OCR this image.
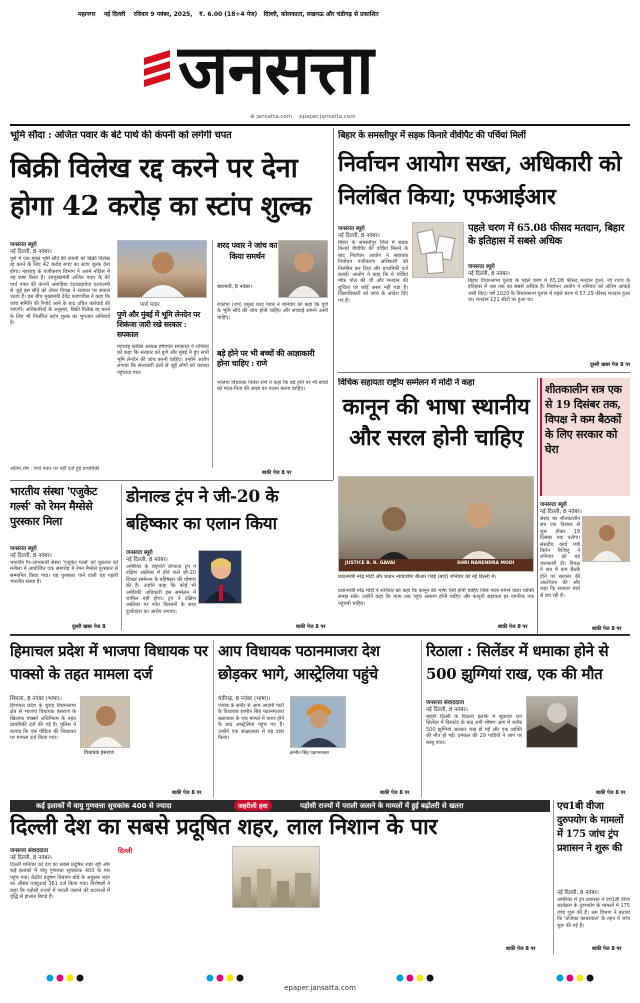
महानगर नई दिल्ली रविवार 9 नवंबर, 2025, ₹. 6.00 (18+4 पेज) दिल्ली, कोलकाता, लखनऊ और चंडीगढ़ से प्रकाशित
जनसत्ता
⊕ jansatta.com epaper.jansatta.com
भूमि सौदा : अजित पवार के बेटे पार्थ की कंपनी को लगेगी चपत
बिक्री विलेख रद्द करने पर देना होगा 42 करोड़ का स्टांप शुल्क
जनसत्ता ब्यूरो
नई दिल्ली, 8 नवंबर।
पुणे में एक मुख्य भूमि सौदे की कंपनी को बिक्री विलेख रद्द करने के लिए 42 करोड़ रुपए का स्टांप शुल्क देना होगा। महाराष्ट्र के पंजीकरण विभाग ने अपने नोटिस में यह स्पष्ट किया है। उपमुख्यमंत्री अजित पवार के बेटे पार्थ पवार की कंपनी अमाडिया एंटरप्राइजेज एलएलपी से जुड़े इस सौदे को लेकर विपक्ष ने सरकार पर सवाल उठाए हैं। इस बीच मुख्यमंत्री देवेंद्र फडणवीस ने कहा कि जांच समिति की रिपोर्ट आने के बाद उचित कार्रवाई की जाएगी। अधिकारियों के अनुसार, बिक्री विलेख रद्द करने के लिए भी निर्धारित स्टांप शुल्क का भुगतान अनिवार्य है।
पार्थ पवार
पुणे और मुंबई में भूमि लेनदेन पर शिकंजा जारी रखे सरकार : सपकाल
महाराष्ट्र कांग्रेस अध्यक्ष हर्षवर्धन सपकाल ने शनिवार को कहा कि सरकार को पुणे और मुंबई में हुए सभी भूमि लेनदेन की जांच करनी चाहिए। उन्होंने आरोप लगाया कि सत्ताधारी दलों से जुड़े लोगों को फायदा पहुंचाया गया।
शरद पवार ने जांच का किया समर्थन
बारामती, 8 नवंबर।
राकांपा (शप) प्रमुख शरद पवार ने शनिवार को कहा कि पुणे के भूमि सौदे की जांच होनी चाहिए और सच्चाई सामने आनी चाहिए।
बड़े होने पर भी बच्चों की आज्ञाकारी होना चाहिए : राणे
भाजपा विधायक नितेश राणे ने कहा कि बड़े होने पर भी बच्चों को माता-पिता की आज्ञा का पालन करना चाहिए।
बाकी पेज 8 पर
अंतिम शेष : पार्थ पवार पर नहीं दर्ज हुई प्राथमिकी
बिहार के समस्तीपुर में सड़क किनारे वीवीपैट की पर्चियां मिलीं
निर्वाचन आयोग सख्त, अधिकारी को निलंबित किया; एफआईआर
जनसत्ता ब्यूरो
नई दिल्ली, 8 नवंबर।
बिहार के समस्तीपुर जिले में सड़क किनारे वीवीपैट की पर्चियां मिलने के बाद निर्वाचन आयोग ने सहायक निर्वाचन पंजीकरण अधिकारी को निलंबित कर दिया और प्राथमिकी दर्ज कराई। आयोग ने कहा कि ये पर्चियां मॉक पोल की थीं और मतदान की शुचिता पर कोई असर नहीं पड़ा है। जिलाधिकारी को जांच के आदेश दिए गए हैं।
पहले चरण में 65.08 फीसद मतदान, बिहार के इतिहास में सबसे अधिक
जनसत्ता ब्यूरो
नई दिल्ली, 8 नवंबर।
बिहार विधानसभा चुनाव के पहले चरण में 65.08 फीसद मतदान हुआ, जो राज्य के इतिहास में अब तक का सबसे अधिक है। निर्वाचन आयोग ने शनिवार को अंतिम आंकड़े जारी किए। वर्ष 2020 के विधानसभा चुनाव में पहले चरण में 57.29 फीसद मतदान हुआ था। मतदान 121 सीटों पर हुआ था।
दूसरी खबर पेज 8 पर
विधिक सहायता राष्ट्रीय सम्मेलन में मोदी ने कहा
कानून की भाषा स्थानीय और सरल होनी चाहिए
JUSTICE B. R. GAVAI	SHRI NARENDRA MODI
प्रधानमंत्री नरेंद्र मोदी और प्रधान न्यायाधीश बीआर गवई (बाएं) शनिवार को नई दिल्ली में।
प्रधानमंत्री नरेंद्र मोदी ने शनिवार को कहा कि कानून की भाषा ऐसी होनी चाहिए जिसे न्याय मांगने वाला व्यक्ति समझ सके। उन्होंने कहा कि न्याय तक पहुंच आसान होनी चाहिए और कानूनी सहायता हर नागरिक तक पहुंचनी चाहिए।
बाकी पेज 8 पर
शीतकालीन सत्र एक से 19 दिसंबर तक, विपक्ष ने कम बैठकों के लिए सरकार को घेरा
जनसत्ता ब्यूरो
नई दिल्ली, 8 नवंबर।
संसद का शीतकालीन सत्र एक दिसंबर से शुरू होकर 19 दिसंबर तक चलेगा। संसदीय कार्य मंत्री किरेन रिजिजू ने शनिवार को यह जानकारी दी। विपक्ष ने सत्र में कम बैठकें होने पर सरकार की आलोचना की और कहा कि सरकार चर्चा से बच रही है।
बाकी पेज 8 पर
भारतीय संस्था 'एजुकेट गर्ल्स' को रेमन मैग्सेसे पुरस्कार मिला
जनसत्ता ब्यूरो
नई दिल्ली, 8 नवंबर।
भारतीय गैर-लाभकारी संस्था 'एजुकेट गर्ल्स' को शुक्रवार को मनीला में आयोजित एक समारोह में रेमन मैग्सेसे पुरस्कार से सम्मानित किया गया। यह पुरस्कार पाने वाली यह पहली भारतीय संस्था है।
दूसरी खबर पेज 8
डोनाल्ड ट्रंप ने जी-20 के बहिष्कार का एलान किया
जनसत्ता ब्यूरो
नई दिल्ली, 8 नवंबर।
अमेरिका के राष्ट्रपति डोनाल्ड ट्रंप ने दक्षिण अफ्रीका में होने वाले जी-20 शिखर सम्मेलन के बहिष्कार की घोषणा की है। उन्होंने कहा कि कोई भी अमेरिकी अधिकारी इस सम्मेलन में शामिल नहीं होगा। ट्रंप ने दक्षिण अफ्रीका पर श्वेत किसानों के साथ दुर्व्यवहार का आरोप लगाया।
बाकी पेज 8 पर
हिमाचल प्रदेश में भाजपा विधायक पर पाक्सो के तहत मामला दर्ज
शिमला, 8 नवंबर (भाषा)।
हिमाचल प्रदेश के चुराह विधानसभा क्षेत्र से भाजपा विधायक हंसराज के खिलाफ पाक्सो अधिनियम के तहत प्राथमिकी दर्ज की गई है। पुलिस ने बताया कि एक पीड़िता की शिकायत पर मामला दर्ज किया गया।
विधायक हंसराज
बाकी पेज 8 पर
आप विधायक पठानमाजरा देश छोड़कर भागे, आस्ट्रेलिया पहुंचे
चंडीगढ़, 8 नवंबर (भाषा)।
पंजाब के सनौर से आम आदमी पार्टी के विधायक हरमीत सिंह पठानमाजरा बलात्कार के एक मामले में फरार होने के बाद आस्ट्रेलिया पहुंच गए हैं। उन्होंने एक साक्षात्कार में यह दावा किया।
हरमीत सिंह पठानमाजरा
बाकी पेज 8 पर
रिठाला : सिलेंडर में धमाका होने से 500 झुग्गियां राख, एक की मौत
जनसत्ता संवाददाता
नई दिल्ली, 8 नवंबर।
बाहरी दिल्ली के रिठाला इलाके में शुक्रवार रात सिलेंडर में विस्फोट के बाद लगी भीषण आग में करीब 500 झुग्गियां जलकर राख हो गईं और एक व्यक्ति की मौत हो गई। दमकल की 29 गाड़ियों ने आग पर काबू पाया।
बाकी पेज 8 पर
कई इलाकों में वायु गुणवत्ता सूचकांक 400 से ज्यादा	जहरीली हवा	पड़ोसी राज्यों में पराली जलाने के मामलों में हुई बढ़ोतरी से खतरा
दिल्ली देश का सबसे प्रदूषित शहर, लाल निशान के पार
जनसत्ता संवाददाता
नई दिल्ली, 8 नवंबर।
दिल्ली शनिवार को देश का सबसे प्रदूषित शहर रही और कई इलाकों में वायु गुणवत्ता सूचकांक 400 के पार पहुंच गया। केंद्रीय प्रदूषण नियंत्रण बोर्ड के अनुसार शहर का औसत एक्यूआई 361 दर्ज किया गया। विशेषज्ञों ने कहा कि पड़ोसी राज्यों में पराली जलाने की घटनाओं में वृद्धि से हालात बिगड़े हैं।
दिल्ली
बाकी पेज 8 पर
एच1बी वीजा दुरुपयोग के मामलों में 175 जांच ट्रंप प्रशासन ने शुरू की
नई दिल्ली, 8 नवंबर।
अमेरिका में ट्रंप प्रशासन ने एच1बी वीजा कार्यक्रम के दुरुपयोग के मामलों में 175 जांच शुरू की हैं। श्रम विभाग ने बताया कि 'प्रोजेक्ट फायरवाल' के तहत ये जांच शुरू की गई हैं।
बाकी पेज 8 पर
epaper.jansatta.com
